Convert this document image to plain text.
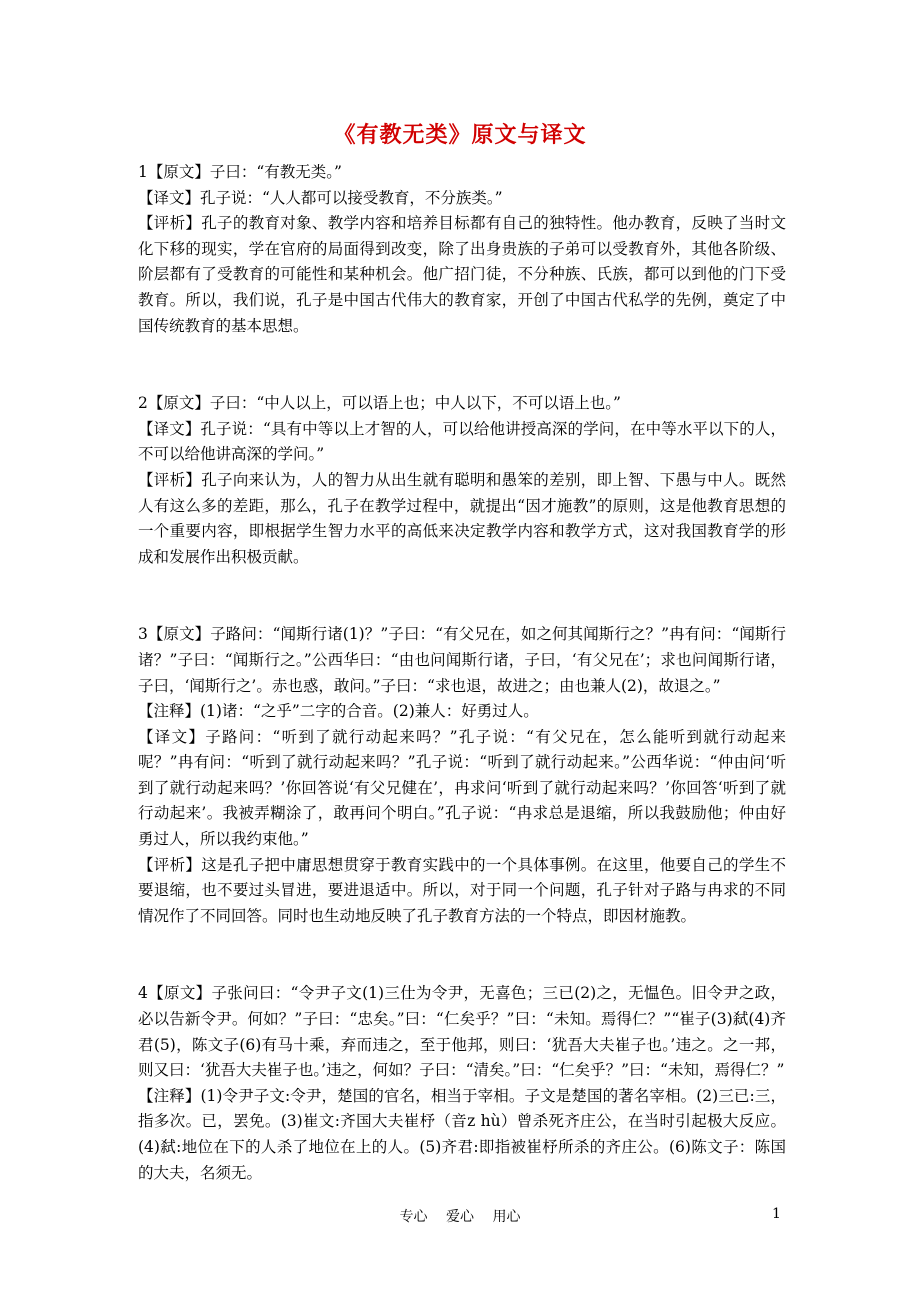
《有教无类》原文与译文

1【原文】子曰：“有教无类。”

【译文】孔子说：“人人都可以接受教育，不分族类。”

【评析】孔子的教育对象、教学内容和培养目标都有自己的独特性。他办教育，反映了当时文化下移的现实，学在官府的局面得到改变，除了出身贵族的子弟可以受教育外，其他各阶级、阶层都有了受教育的可能性和某种机会。他广招门徒，不分种族、氏族，都可以到他的门下受教育。所以，我们说，孔子是中国古代伟大的教育家，开创了中国古代私学的先例，奠定了中国传统教育的基本思想。

2【原文】子曰：“中人以上，可以语上也；中人以下，不可以语上也。”

【译文】孔子说：“具有中等以上才智的人，可以给他讲授高深的学问，在中等水平以下的人，不可以给他讲高深的学问。”

【评析】孔子向来认为，人的智力从出生就有聪明和愚笨的差别，即上智、下愚与中人。既然人有这么多的差距，那么，孔子在教学过程中，就提出“因才施教”的原则，这是他教育思想的一个重要内容，即根据学生智力水平的高低来决定教学内容和教学方式，这对我国教育学的形成和发展作出积极贡献。

3【原文】子路问：“闻斯行诸(1)？”子曰：“有父兄在，如之何其闻斯行之？”冉有问：“闻斯行诸？”子曰：“闻斯行之。”公西华曰：“由也问闻斯行诸，子曰，‘有父兄在’；求也问闻斯行诸，子曰，‘闻斯行之’。赤也惑，敢问。”子曰：“求也退，故进之；由也兼人(2)，故退之。”

【注释】(1)诸：“之乎”二字的合音。(2)兼人：好勇过人。

【译文】子路问：“听到了就行动起来吗？”孔子说：“有父兄在，怎么能听到就行动起来呢？”冉有问：“听到了就行动起来吗？”孔子说：“听到了就行动起来。”公西华说：“仲由问‘听到了就行动起来吗？’你回答说‘有父兄健在’，冉求问‘听到了就行动起来吗？’你回答‘听到了就行动起来’。我被弄糊涂了，敢再问个明白。”孔子说：“冉求总是退缩，所以我鼓励他；仲由好勇过人，所以我约束他。”

【评析】这是孔子把中庸思想贯穿于教育实践中的一个具体事例。在这里，他要自己的学生不要退缩，也不要过头冒进，要进退适中。所以，对于同一个问题，孔子针对子路与冉求的不同情况作了不同回答。同时也生动地反映了孔子教育方法的一个特点，即因材施教。

4【原文】子张问曰：“令尹子文(1)三仕为令尹，无喜色；三已(2)之，无愠色。旧令尹之政，必以告新令尹。何如？”子曰：“忠矣。”曰：“仁矣乎？”曰：“未知。焉得仁？”“崔子(3)弑(4)齐君(5)，陈文子(6)有马十乘，弃而违之，至于他邦，则曰：‘犹吾大夫崔子也。’违之。之一邦，则又曰：‘犹吾大夫崔子也。’违之，何如？子曰：“清矣。”曰：“仁矣乎？”曰：“未知，焉得仁？”

【注释】(1)令尹子文:令尹，楚国的官名，相当于宰相。子文是楚国的著名宰相。(2)三已:三，指多次。已，罢免。(3)崔文:齐国大夫崔杼（音z hù）曾杀死齐庄公，在当时引起极大反应。(4)弑:地位在下的人杀了地位在上的人。(5)齐君:即指被崔杼所杀的齐庄公。(6)陈文子：陈国的大夫，名须无。

专心 爱心 用心	1
